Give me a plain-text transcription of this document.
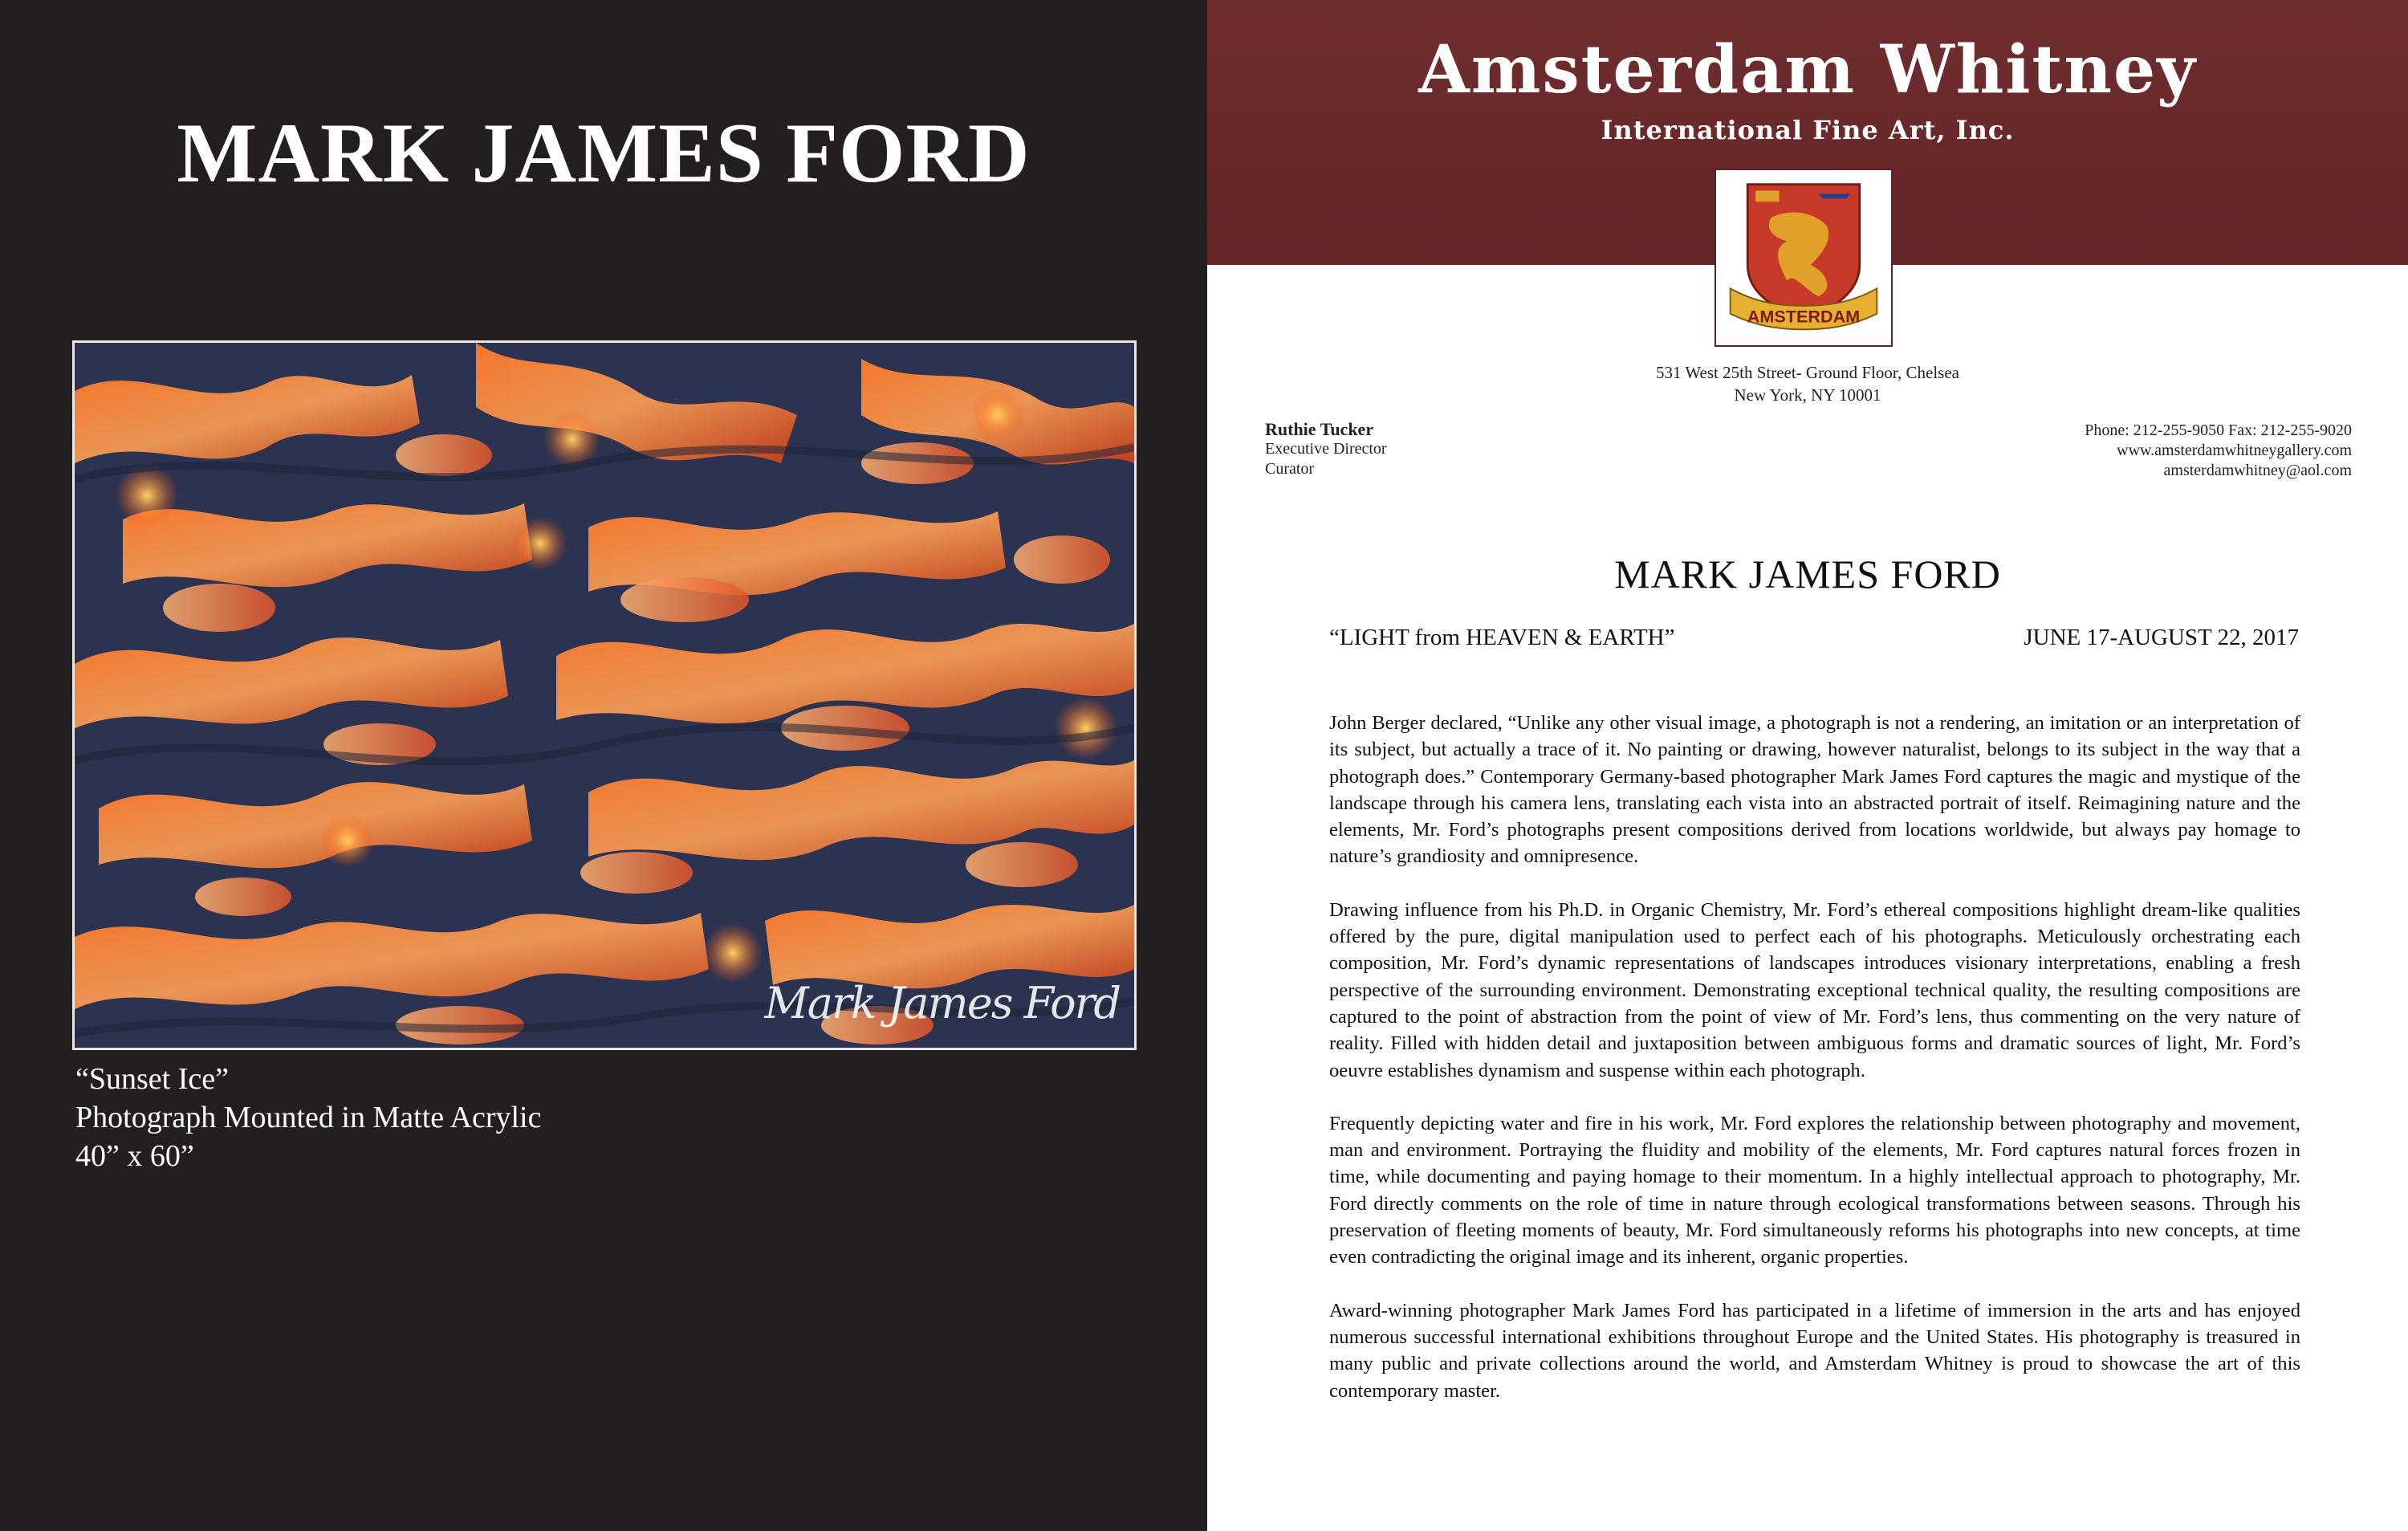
MARK JAMES FORD
Mark James Ford
“Sunset Ice”
Photograph Mounted in Matte Acrylic
40” x 60”
Amsterdam Whitney
International Fine Art, Inc.
AMSTERDAM
531 West 25th Street- Ground Floor, Chelsea
New York, NY 10001
Ruthie Tucker
Executive Director
Curator
Phone: 212-255-9050 Fax: 212-255-9020
www.amsterdamwhitneygallery.com
amsterdamwhitney@aol.com
MARK JAMES FORD
“LIGHT from HEAVEN & EARTH”	JUNE 17-AUGUST 22, 2017

John Berger declared, “Unlike any other visual image, a photograph is not a rendering, an imitation or an interpretation of its subject, but actually a trace of it. No painting or drawing, however naturalist, belongs to its subject in the way that a photograph does.” Contemporary Germany-based photographer Mark James Ford captures the magic and mystique of the landscape through his camera lens, translating each vista into an abstracted portrait of itself. Reimagining nature and the elements, Mr. Ford’s photographs present compositions derived from locations worldwide, but always pay homage to nature’s grandiosity and omnipresence.

Drawing influence from his Ph.D. in Organic Chemistry, Mr. Ford’s ethereal compositions highlight dream-like qualities offered by the pure, digital manipulation used to perfect each of his photographs. Meticulously orchestrating each composition, Mr. Ford’s dynamic representations of landscapes introduces visionary interpretations, enabling a fresh perspective of the surrounding environment. Demonstrating exceptional technical quality, the resulting compositions are captured to the point of abstraction from the point of view of Mr. Ford’s lens, thus commenting on the very nature of reality. Filled with hidden detail and juxtaposition between ambiguous forms and dramatic sources of light, Mr. Ford’s oeuvre establishes dynamism and suspense within each photograph.

Frequently depicting water and fire in his work, Mr. Ford explores the relationship between photography and movement, man and environment. Portraying the fluidity and mobility of the elements, Mr. Ford captures natural forces frozen in time, while documenting and paying homage to their momentum. In a highly intellectual approach to photography, Mr. Ford directly comments on the role of time in nature through ecological transformations between seasons. Through his preservation of fleeting moments of beauty, Mr. Ford simultaneously reforms his photographs into new concepts, at time even contradicting the original image and its inherent, organic properties.

Award-winning photographer Mark James Ford has participated in a lifetime of immersion in the arts and has enjoyed numerous successful international exhibitions throughout Europe and the United States. His photography is treasured in many public and private collections around the world, and Amsterdam Whitney is proud to showcase the art of this contemporary master.
